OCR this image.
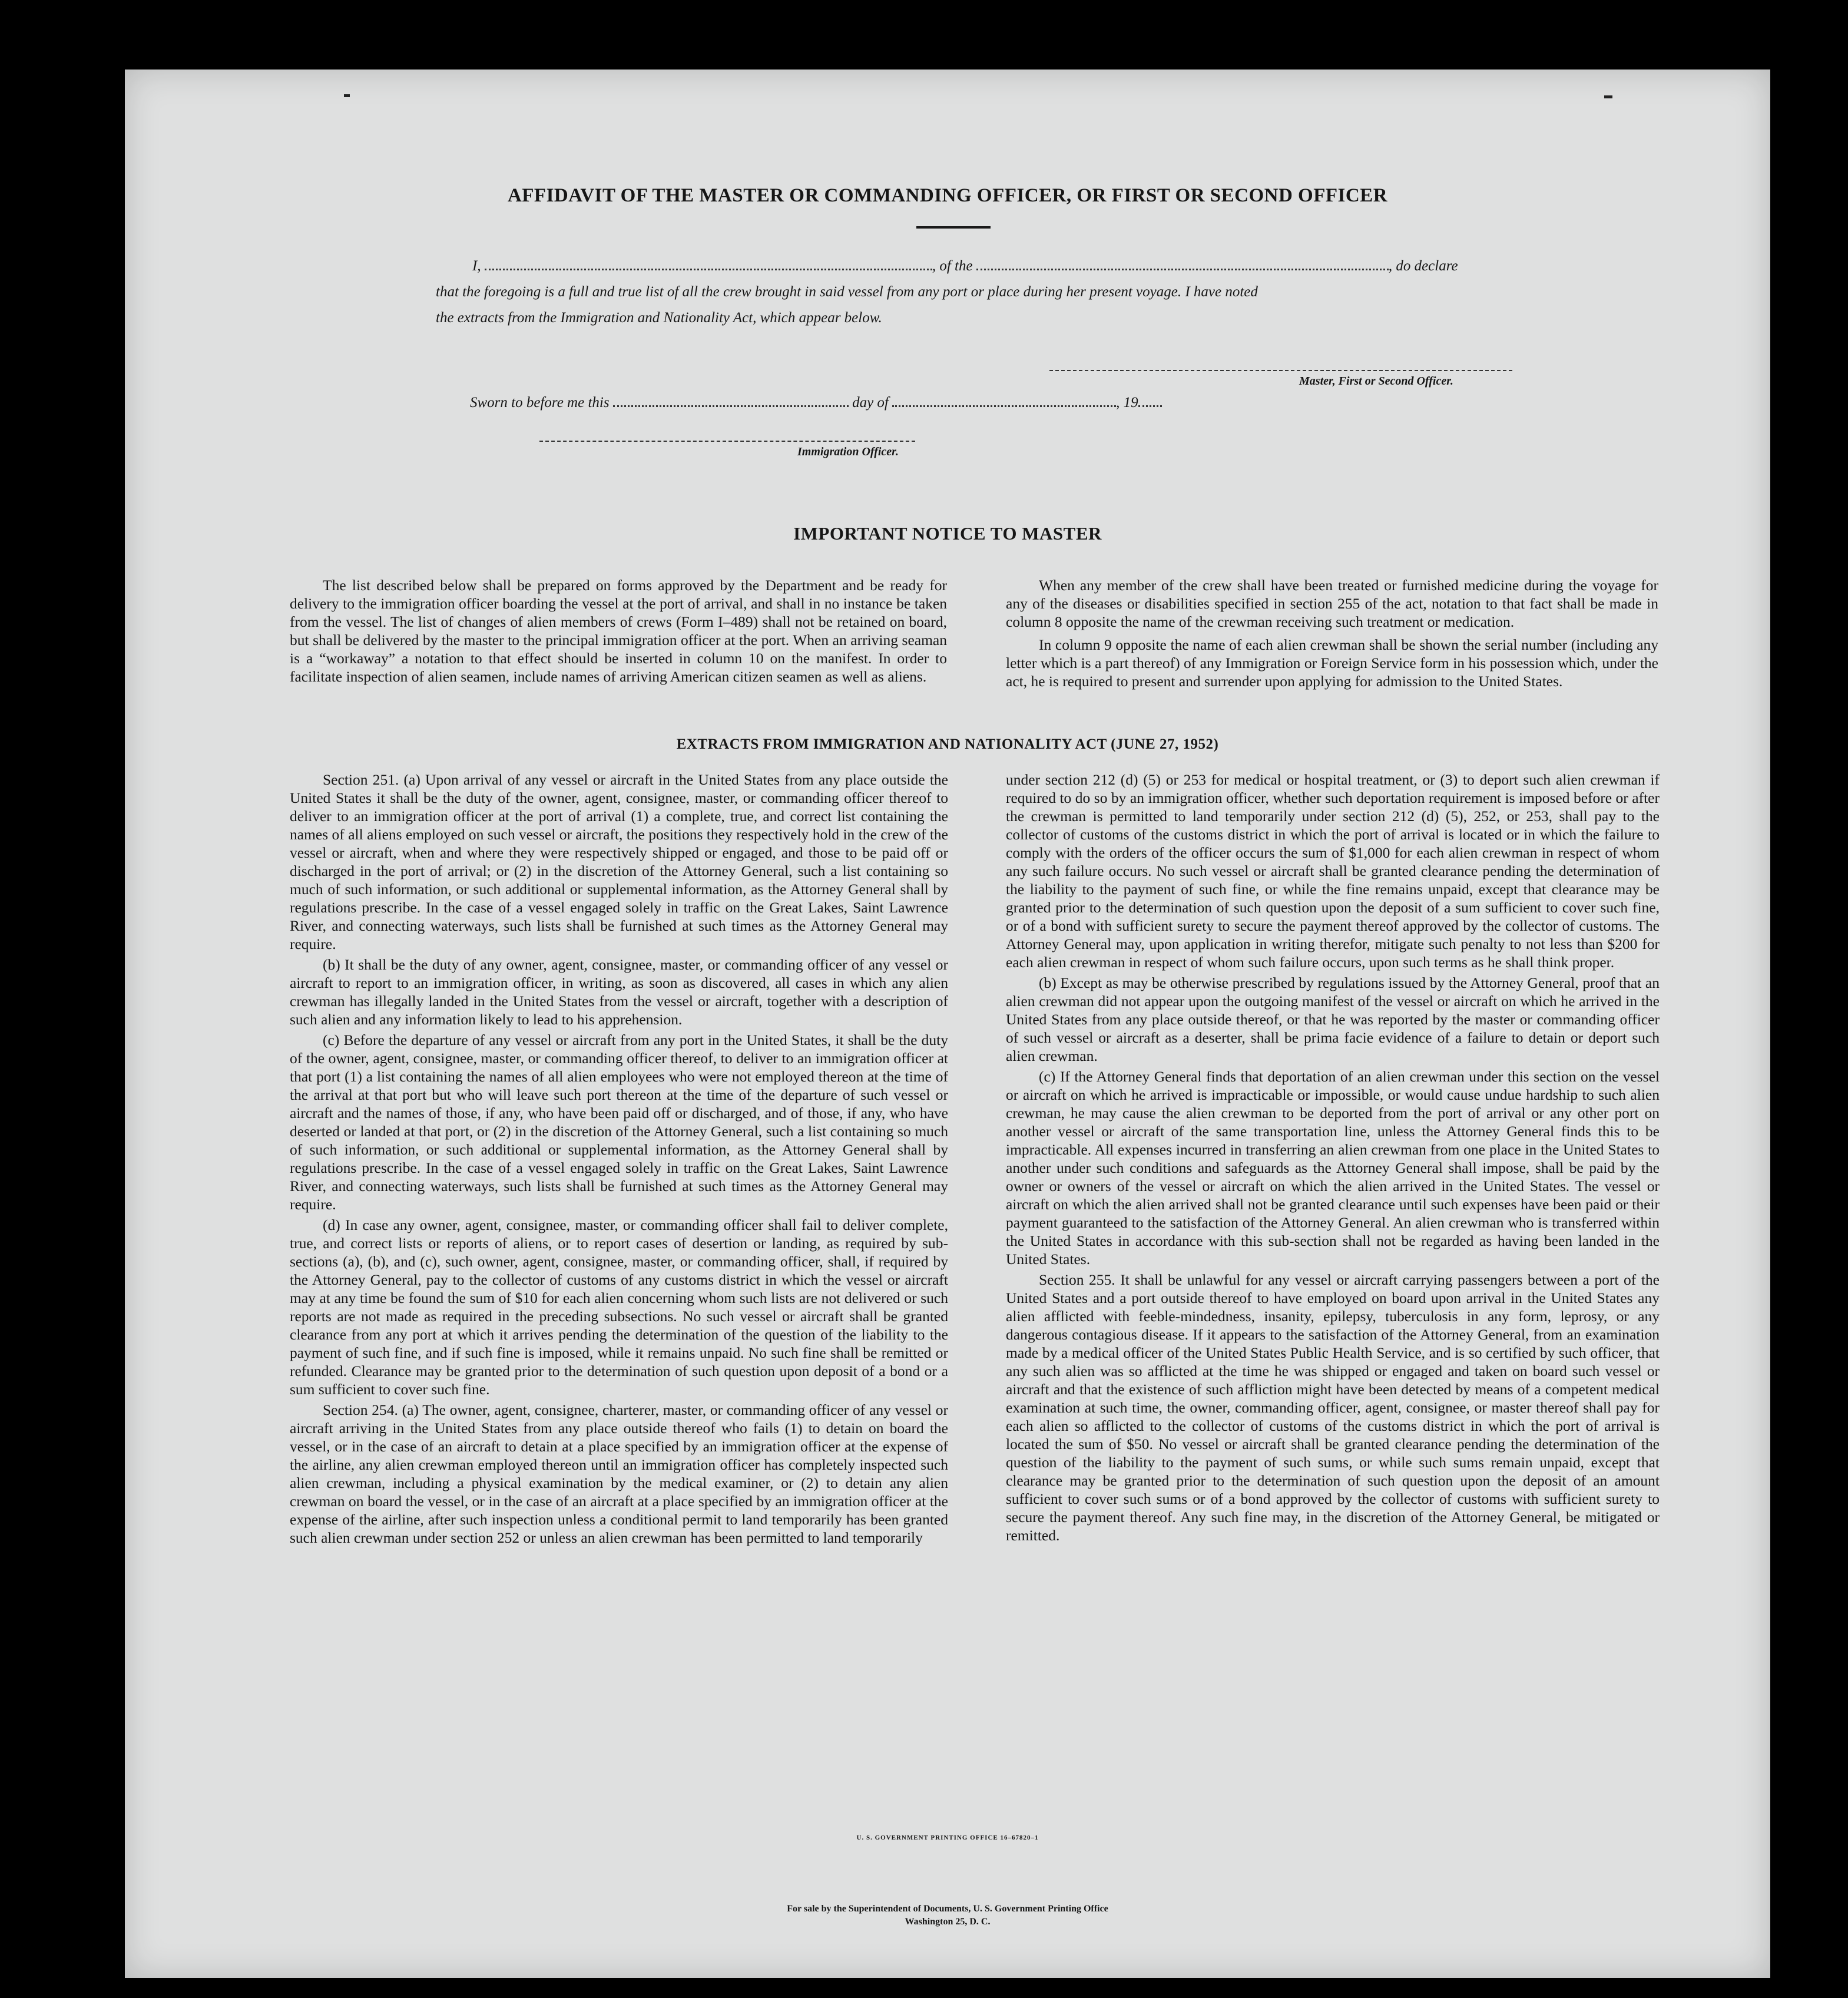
AFFIDAVIT OF THE MASTER OR COMMANDING OFFICER, OR FIRST OR SECOND OFFICER
I,	, of the	, do declare
that the foregoing is a full and true list of all the crew brought in said vessel from any port or place during her present voyage. I have noted
the extracts from the Immigration and Nationality Act, which appear below.
Master, First or Second Officer.
Sworn to before me this	day of	, 19
Immigration Officer.
IMPORTANT NOTICE TO MASTER

The list described below shall be prepared on forms approved by the Department and be ready for delivery to the immigration officer boarding the vessel at the port of arrival, and shall in no instance be taken from the vessel. The list of changes of alien members of crews (Form I–489) shall not be retained on board, but shall be delivered by the master to the principal immigration officer at the port. When an arriving seaman is a “workaway” a notation to that effect should be inserted in column 10 on the manifest. In order to facilitate inspection of alien seamen, include names of arriving American citizen seamen as well as aliens.

When any member of the crew shall have been treated or furnished medicine during the voyage for any of the diseases or disabilities specified in section 255 of the act, notation to that fact shall be made in column 8 opposite the name of the crewman receiving such treatment or medication.

In column 9 opposite the name of each alien crewman shall be shown the serial number (including any letter which is a part thereof) of any Immigration or Foreign Service form in his possession which, under the act, he is required to present and surrender upon applying for admission to the United States.

EXTRACTS FROM IMMIGRATION AND NATIONALITY ACT (JUNE 27, 1952)

Section 251. (a) Upon arrival of any vessel or aircraft in the United States from any place outside the United States it shall be the duty of the owner, agent, consignee, master, or commanding officer thereof to deliver to an immigration officer at the port of arrival (1) a complete, true, and correct list containing the names of all aliens employed on such vessel or aircraft, the positions they respectively hold in the crew of the vessel or aircraft, when and where they were respectively shipped or engaged, and those to be paid off or discharged in the port of arrival; or (2) in the discretion of the Attorney General, such a list containing so much of such information, or such additional or supplemental information, as the Attorney General shall by regulations prescribe. In the case of a vessel engaged solely in traffic on the Great Lakes, Saint Lawrence River, and connecting waterways, such lists shall be furnished at such times as the Attorney General may require.

(b) It shall be the duty of any owner, agent, consignee, master, or commanding officer of any vessel or aircraft to report to an immigration officer, in writing, as soon as discovered, all cases in which any alien crewman has illegally landed in the United States from the vessel or aircraft, together with a description of such alien and any information likely to lead to his apprehension.

(c) Before the departure of any vessel or aircraft from any port in the United States, it shall be the duty of the owner, agent, consignee, master, or commanding officer thereof, to deliver to an immigration officer at that port (1) a list containing the names of all alien employees who were not employed thereon at the time of the arrival at that port but who will leave such port thereon at the time of the departure of such vessel or aircraft and the names of those, if any, who have been paid off or discharged, and of those, if any, who have deserted or landed at that port, or (2) in the discretion of the Attorney General, such a list containing so much of such information, or such additional or supplemental information, as the Attorney General shall by regulations prescribe. In the case of a vessel engaged solely in traffic on the Great Lakes, Saint Lawrence River, and connecting waterways, such lists shall be furnished at such times as the Attorney General may require.

(d) In case any owner, agent, consignee, master, or commanding officer shall fail to deliver complete, true, and correct lists or reports of aliens, or to report cases of desertion or landing, as required by sub-sections (a), (b), and (c), such owner, agent, consignee, master, or commanding officer, shall, if required by the Attorney General, pay to the collector of customs of any customs district in which the vessel or aircraft may at any time be found the sum of $10 for each alien concerning whom such lists are not delivered or such reports are not made as required in the preceding subsections. No such vessel or aircraft shall be granted clearance from any port at which it arrives pending the determination of the question of the liability to the payment of such fine, and if such fine is imposed, while it remains unpaid. No such fine shall be remitted or refunded. Clearance may be granted prior to the determination of such question upon deposit of a bond or a sum sufficient to cover such fine.

Section 254. (a) The owner, agent, consignee, charterer, master, or commanding officer of any vessel or aircraft arriving in the United States from any place outside thereof who fails (1) to detain on board the vessel, or in the case of an aircraft to detain at a place specified by an immigration officer at the expense of the airline, any alien crewman employed thereon until an immigration officer has completely inspected such alien crewman, including a physical examination by the medical examiner, or (2) to detain any alien crewman on board the vessel, or in the case of an aircraft at a place specified by an immigration officer at the expense of the airline, after such inspection unless a conditional permit to land temporarily has been granted such alien crewman under section 252 or unless an alien crewman has been permitted to land temporarily

under section 212 (d) (5) or 253 for medical or hospital treatment, or (3) to deport such alien crewman if required to do so by an immigration officer, whether such deportation requirement is imposed before or after the crewman is permitted to land temporarily under section 212 (d) (5), 252, or 253, shall pay to the collector of customs of the customs district in which the port of arrival is located or in which the failure to comply with the orders of the officer occurs the sum of $1,000 for each alien crewman in respect of whom any such failure occurs. No such vessel or aircraft shall be granted clearance pending the determination of the liability to the payment of such fine, or while the fine remains unpaid, except that clearance may be granted prior to the determination of such question upon the deposit of a sum sufficient to cover such fine, or of a bond with sufficient surety to secure the payment thereof approved by the collector of customs. The Attorney General may, upon application in writing therefor, mitigate such penalty to not less than $200 for each alien crewman in respect of whom such failure occurs, upon such terms as he shall think proper.

(b) Except as may be otherwise prescribed by regulations issued by the Attorney General, proof that an alien crewman did not appear upon the outgoing manifest of the vessel or aircraft on which he arrived in the United States from any place outside thereof, or that he was reported by the master or commanding officer of such vessel or aircraft as a deserter, shall be prima facie evidence of a failure to detain or deport such alien crewman.

(c) If the Attorney General finds that deportation of an alien crewman under this section on the vessel or aircraft on which he arrived is impracticable or impossible, or would cause undue hardship to such alien crewman, he may cause the alien crewman to be deported from the port of arrival or any other port on another vessel or aircraft of the same transportation line, unless the Attorney General finds this to be impracticable. All expenses incurred in transferring an alien crewman from one place in the United States to another under such conditions and safeguards as the Attorney General shall impose, shall be paid by the owner or owners of the vessel or aircraft on which the alien arrived in the United States. The vessel or aircraft on which the alien arrived shall not be granted clearance until such expenses have been paid or their payment guaranteed to the satisfaction of the Attorney General. An alien crewman who is transferred within the United States in accordance with this sub-section shall not be regarded as having been landed in the United States.

Section 255. It shall be unlawful for any vessel or aircraft carrying passengers between a port of the United States and a port outside thereof to have employed on board upon arrival in the United States any alien afflicted with feeble-mindedness, insanity, epilepsy, tuberculosis in any form, leprosy, or any dangerous contagious disease. If it appears to the satisfaction of the Attorney General, from an examination made by a medical officer of the United States Public Health Service, and is so certified by such officer, that any such alien was so afflicted at the time he was shipped or engaged and taken on board such vessel or aircraft and that the existence of such affliction might have been detected by means of a competent medical examination at such time, the owner, commanding officer, agent, consignee, or master thereof shall pay for each alien so afflicted to the collector of customs of the customs district in which the port of arrival is located the sum of $50. No vessel or aircraft shall be granted clearance pending the determination of the question of the liability to the payment of such sums, or while such sums remain unpaid, except that clearance may be granted prior to the determination of such question upon the deposit of an amount sufficient to cover such sums or of a bond approved by the collector of customs with sufficient surety to secure the payment thereof. Any such fine may, in the discretion of the Attorney General, be mitigated or remitted.

U. S. GOVERNMENT PRINTING OFFICE 16–67820–1
For sale by the Superintendent of Documents, U. S. Government Printing Office
Washington 25, D. C.
